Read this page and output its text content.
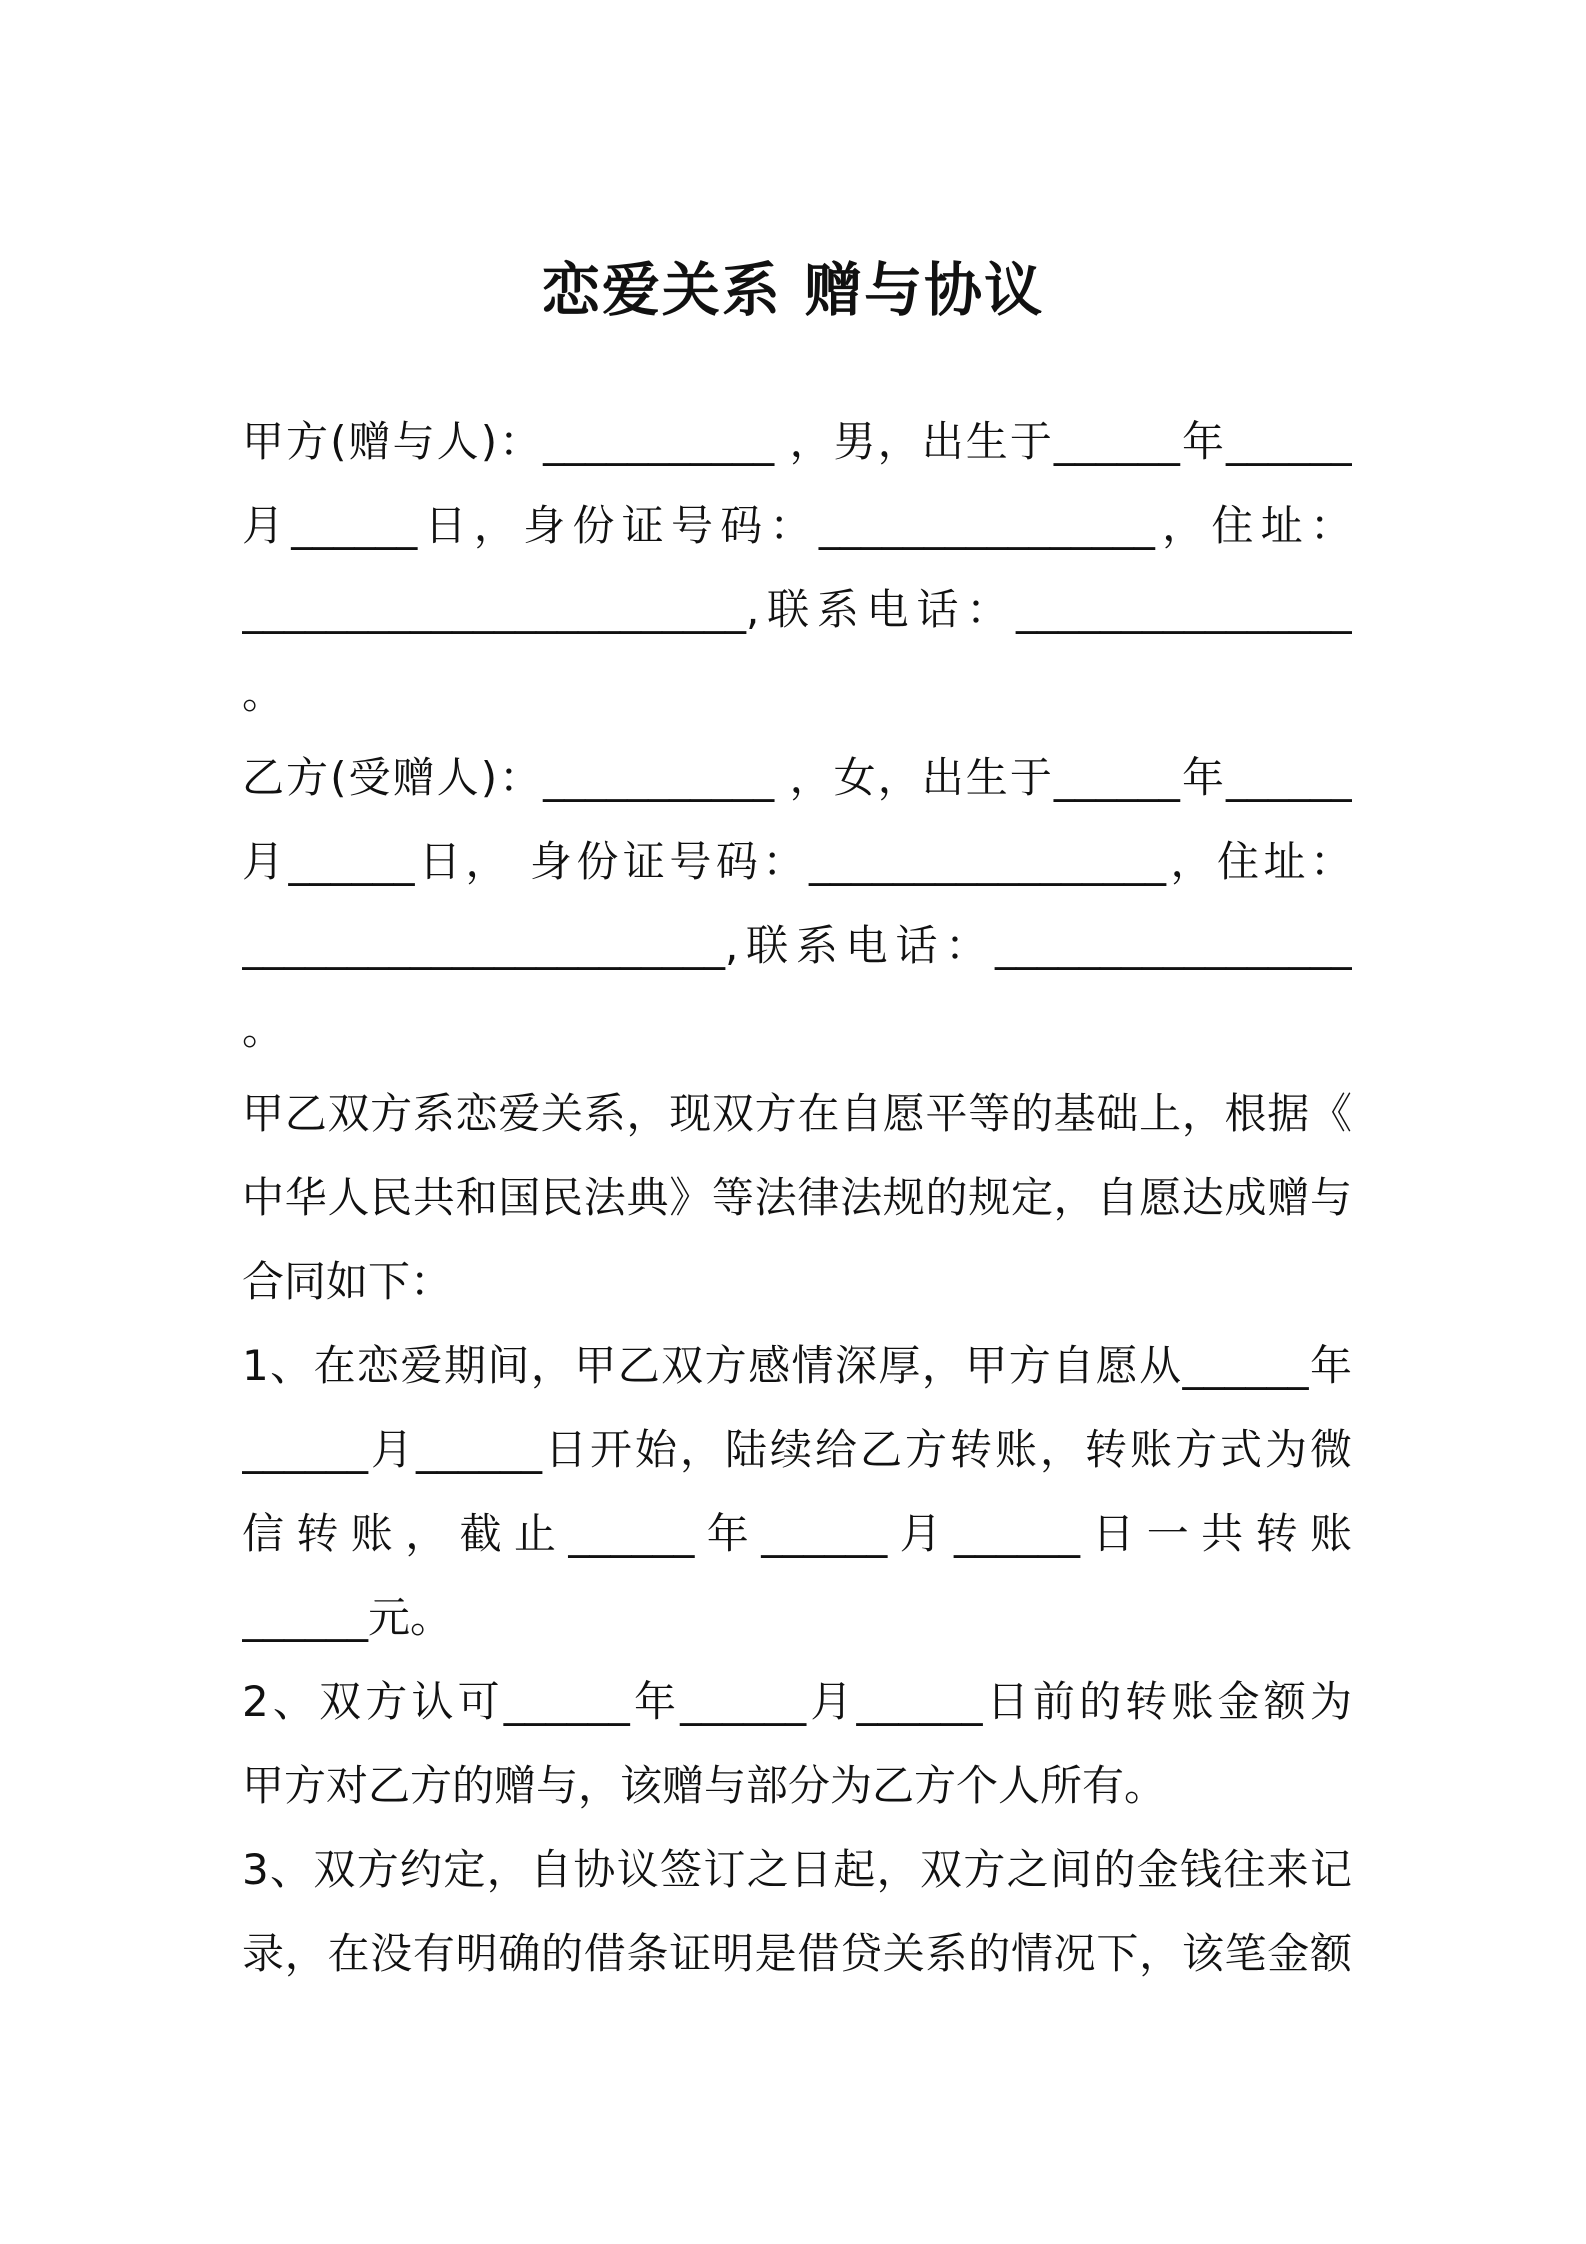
恋爱关系 赠与协议

甲方(赠与人)：___________ ，男，出生于______年______

月______日，身份证号码：________________，住址：

________________________,联系电话：________________

。

乙方(受赠人)：___________ ，女，出生于______年______

月______日， 身份证号码：_________________，住址：

_______________________,联系电话：_________________

。

甲乙双方系恋爱关系，现双方在自愿平等的基础上，根据《

中华人民共和国民法典》等法律法规的规定，自愿达成赠与

合同如下：

1、在恋爱期间，甲乙双方感情深厚，甲方自愿从______年

______月______日开始，陆续给乙方转账，转账方式为微

信转账，截止______年______月______日一共转账

______元。

2、双方认可______年______月______日前的转账金额为

甲方对乙方的赠与，该赠与部分为乙方个人所有。

3、双方约定，自协议签订之日起，双方之间的金钱往来记

录，在没有明确的借条证明是借贷关系的情况下，该笔金额
